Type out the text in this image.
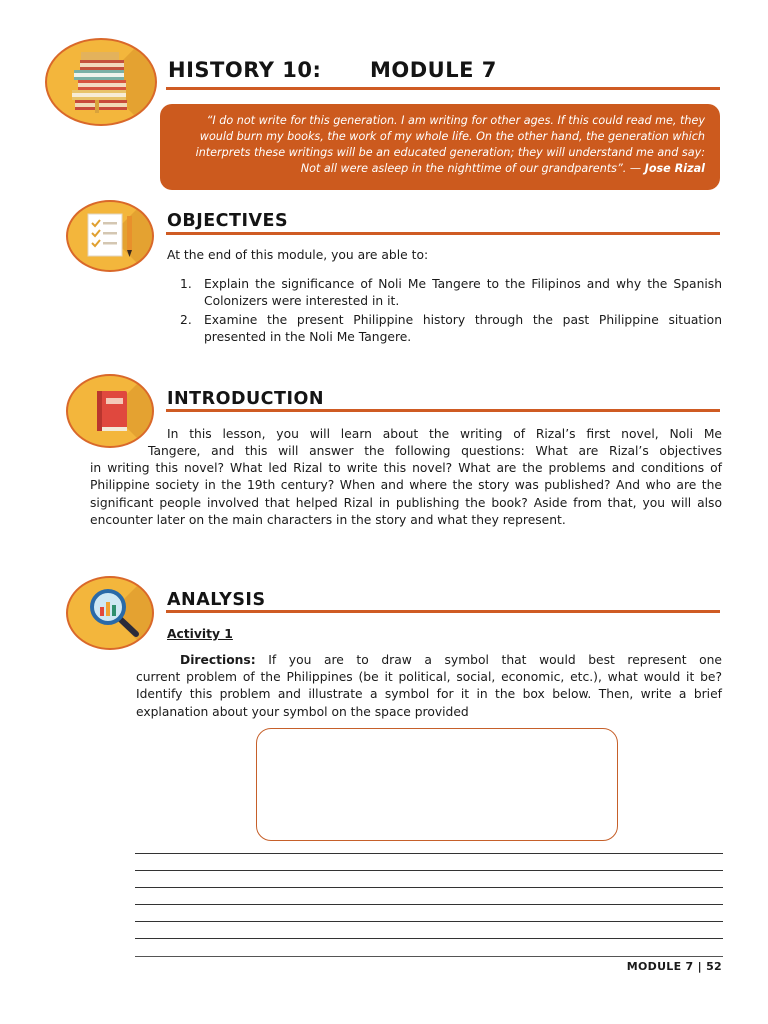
HISTORY 10: MODULE 7
“I do not write for this generation. I am writing for other ages. If this could read me, they would burn my books, the work of my whole life. On the other hand, the generation which interprets these writings will be an educated generation; they will understand me and say: Not all were asleep in the nighttime of our grandparents”. — Jose Rizal
OBJECTIVES

At the end of this module, you are able to:

1. Explain the significance of Noli Me Tangere to the Filipinos and why the Spanish Colonizers were interested in it.
2. Examine the present Philippine history through the past Philippine situation presented in the Noli Me Tangere.
INTRODUCTION

In this lesson, you will learn about the writing of Rizal’s first novel, Noli Me

Tangere, and this will answer the following questions: What are Rizal’s objectives

in writing this novel? What led Rizal to write this novel? What are the problems and conditions of Philippine society in the 19th century? When and where the story was published? And who are the significant people involved that helped Rizal in publishing the book? Aside from that, you will also encounter later on the main characters in the story and what they represent.

ANALYSIS
Activity 1

Directions: If you are to draw a symbol that would best represent one

current problem of the Philippines (be it political, social, economic, etc.), what would it be? Identify this problem and illustrate a symbol for it in the box below. Then, write a brief explanation about your symbol on the space provided

MODULE 7 | 52
